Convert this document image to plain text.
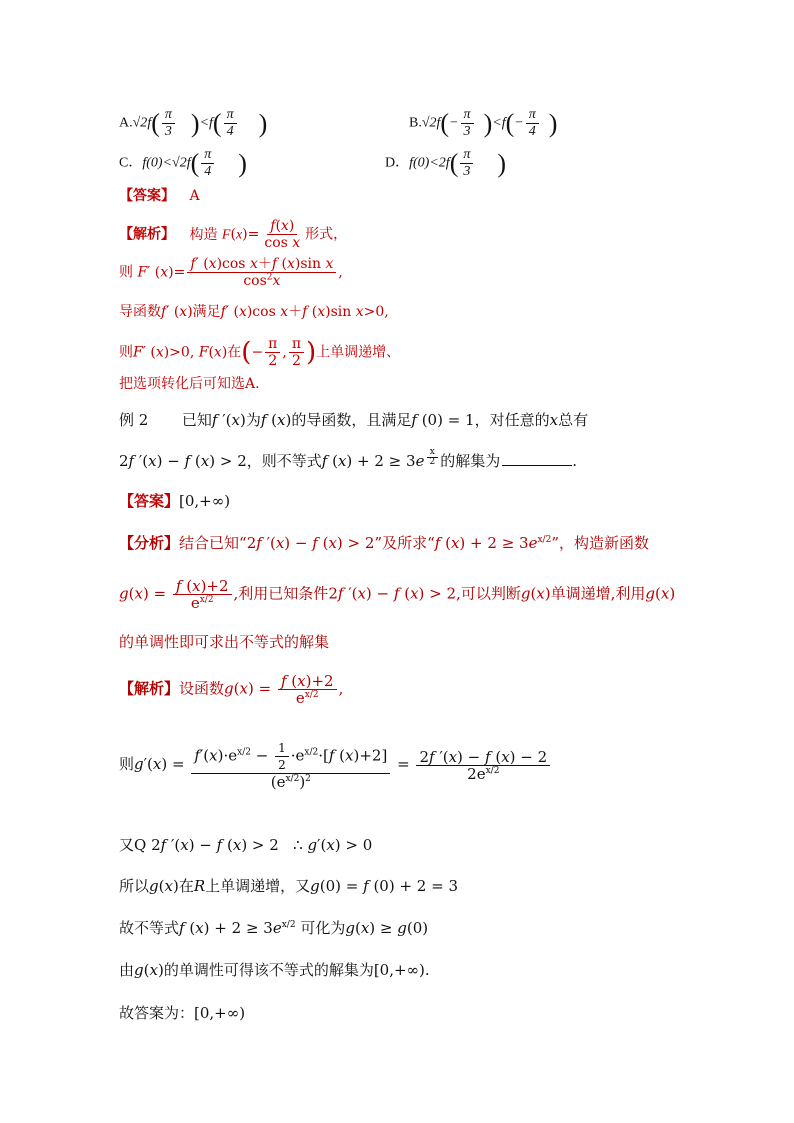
$A.√2f( \frac{\pi}{3} )<f( \frac{\pi}{4}$ )	$B.√2f(- \frac{\pi}{3} )<f(- \frac{\pi}{4}$ )
C．$f(0)<√2f( \frac{\pi}{4}$ )	D．$f(0)<2f( \frac{\pi}{3}$ )
【答案】 A
【解析】 构造 $F(x)= \frac{f(x)}{\text{cos x}}$ 形式，
则 F′ $(x)= \frac{\text{f′ (x)cos x＋f (x)sin x}}{\cos^2x}$ ,
导函数f′ (x)满足f′ (x)cos x＋f (x)sin x>0,
则F′ (x)>0, F(x)在(− $\frac{\pi}{2}$ , $\frac{\pi}{2}$ )上单调递增、
把选项转化后可知选A.
例 2 已知f ′(x)为f (x)的导函数，且满足f (0) = 1，对任意的x总有
2f ′(x) − f (x) > 2，则不等式f (x) + 2 ≥ 3e $^{\frac{x}{2}}$ 的解集为	.
【答案】[0,+∞)
【分析】结合已知“2f ′(x) − f (x) > 2”及所求“f $(x) + 2 \ge 3e^{x/2}$”，构造新函数
$g(x) = \frac{f (x)+2}{e^{x/2}}$ ,利用已知条件2f ′(x) − f (x) > 2,可以判断g(x)单调递增,利用g(x)
的单调性即可求出不等式的解集
【解析】设函数$g(x) = \frac{f (x)+2}{e^{x/2}}$ ,
则$g'(x) = \frac{f'(x)\cdot e^{x/2} - \frac{1}{2} \cdot e^{x/2}\cdot[f (x)+2]}{(e^{x/2})^2} = \frac{2f '(x) - f (x) - 2}{2e^{x/2}}$
又Q 2f ′(x) − f (x) > 2   ∴ g′(x) > 0
所以g(x)在R上单调递增，又g(0) = f (0) + 2 = 3
故不等式f $(x) + 2 \ge 3e^{x/2}$ 可化为g(x) ≥ g(0)
由g(x)的单调性可得该不等式的解集为[0,+∞).
故答案为：[0,+∞)
